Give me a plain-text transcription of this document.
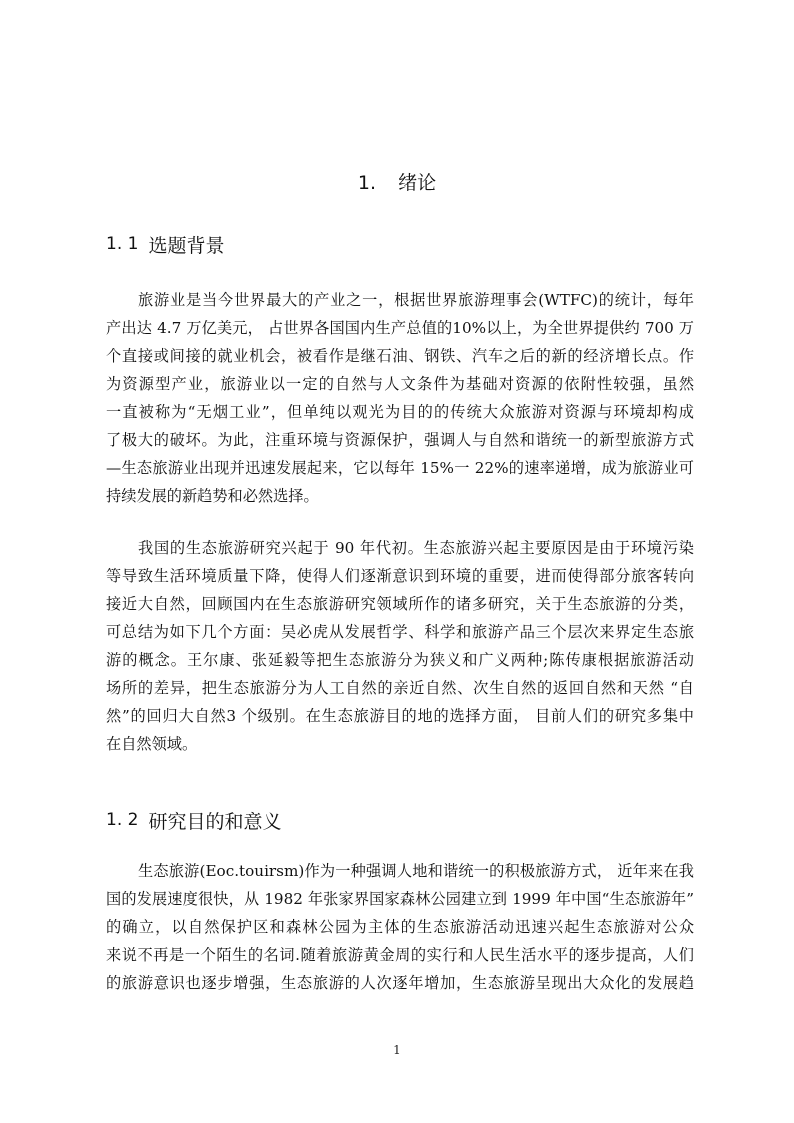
1. 绪论
1. 1 选题背景
旅游业是当今世界最大的产业之一，根据世界旅游理事会(WTFC)的统计，每年
产出达 4.7 万亿美元， 占世界各国国内生产总值的10%以上，为全世界提供约 700 万
个直接或间接的就业机会，被看作是继石油、钢铁、汽车之后的新的经济增长点。作
为资源型产业，旅游业以一定的自然与人文条件为基础对资源的依附性较强，虽然
一直被称为“无烟工业”，但单纯以观光为目的的传统大众旅游对资源与环境却构成
了极大的破坏。为此，注重环境与资源保护，强调人与自然和谐统一的新型旅游方式
—生态旅游业出现并迅速发展起来，它以每年 15%一 22%的速率递增，成为旅游业可
持续发展的新趋势和必然选择。
我国的生态旅游研究兴起于 90 年代初。生态旅游兴起主要原因是由于环境污染
等导致生活环境质量下降，使得人们逐渐意识到环境的重要，进而使得部分旅客转向
接近大自然，回顾国内在生态旅游研究领域所作的诸多研究，关于生态旅游的分类，
可总结为如下几个方面：吴必虎从发展哲学、科学和旅游产品三个层次来界定生态旅
游的概念。王尔康、张延毅等把生态旅游分为狭义和广义两种;陈传康根据旅游活动
场所的差异，把生态旅游分为人工自然的亲近自然、次生自然的返回自然和天然 “自
然”的回归大自然3 个级别。在生态旅游目的地的选择方面， 目前人们的研究多集中
在自然领域。
1. 2 研究目的和意义
生态旅游(Eoc.touirsm)作为一种强调人地和谐统一的积极旅游方式， 近年来在我
国的发展速度很快，从 1982 年张家界国家森林公园建立到 1999 年中国“生态旅游年”
的确立，以自然保护区和森林公园为主体的生态旅游活动迅速兴起生态旅游对公众
来说不再是一个陌生的名词.随着旅游黄金周的实行和人民生活水平的逐步提高，人们
的旅游意识也逐步增强，生态旅游的人次逐年增加，生态旅游呈现出大众化的发展趋
1
